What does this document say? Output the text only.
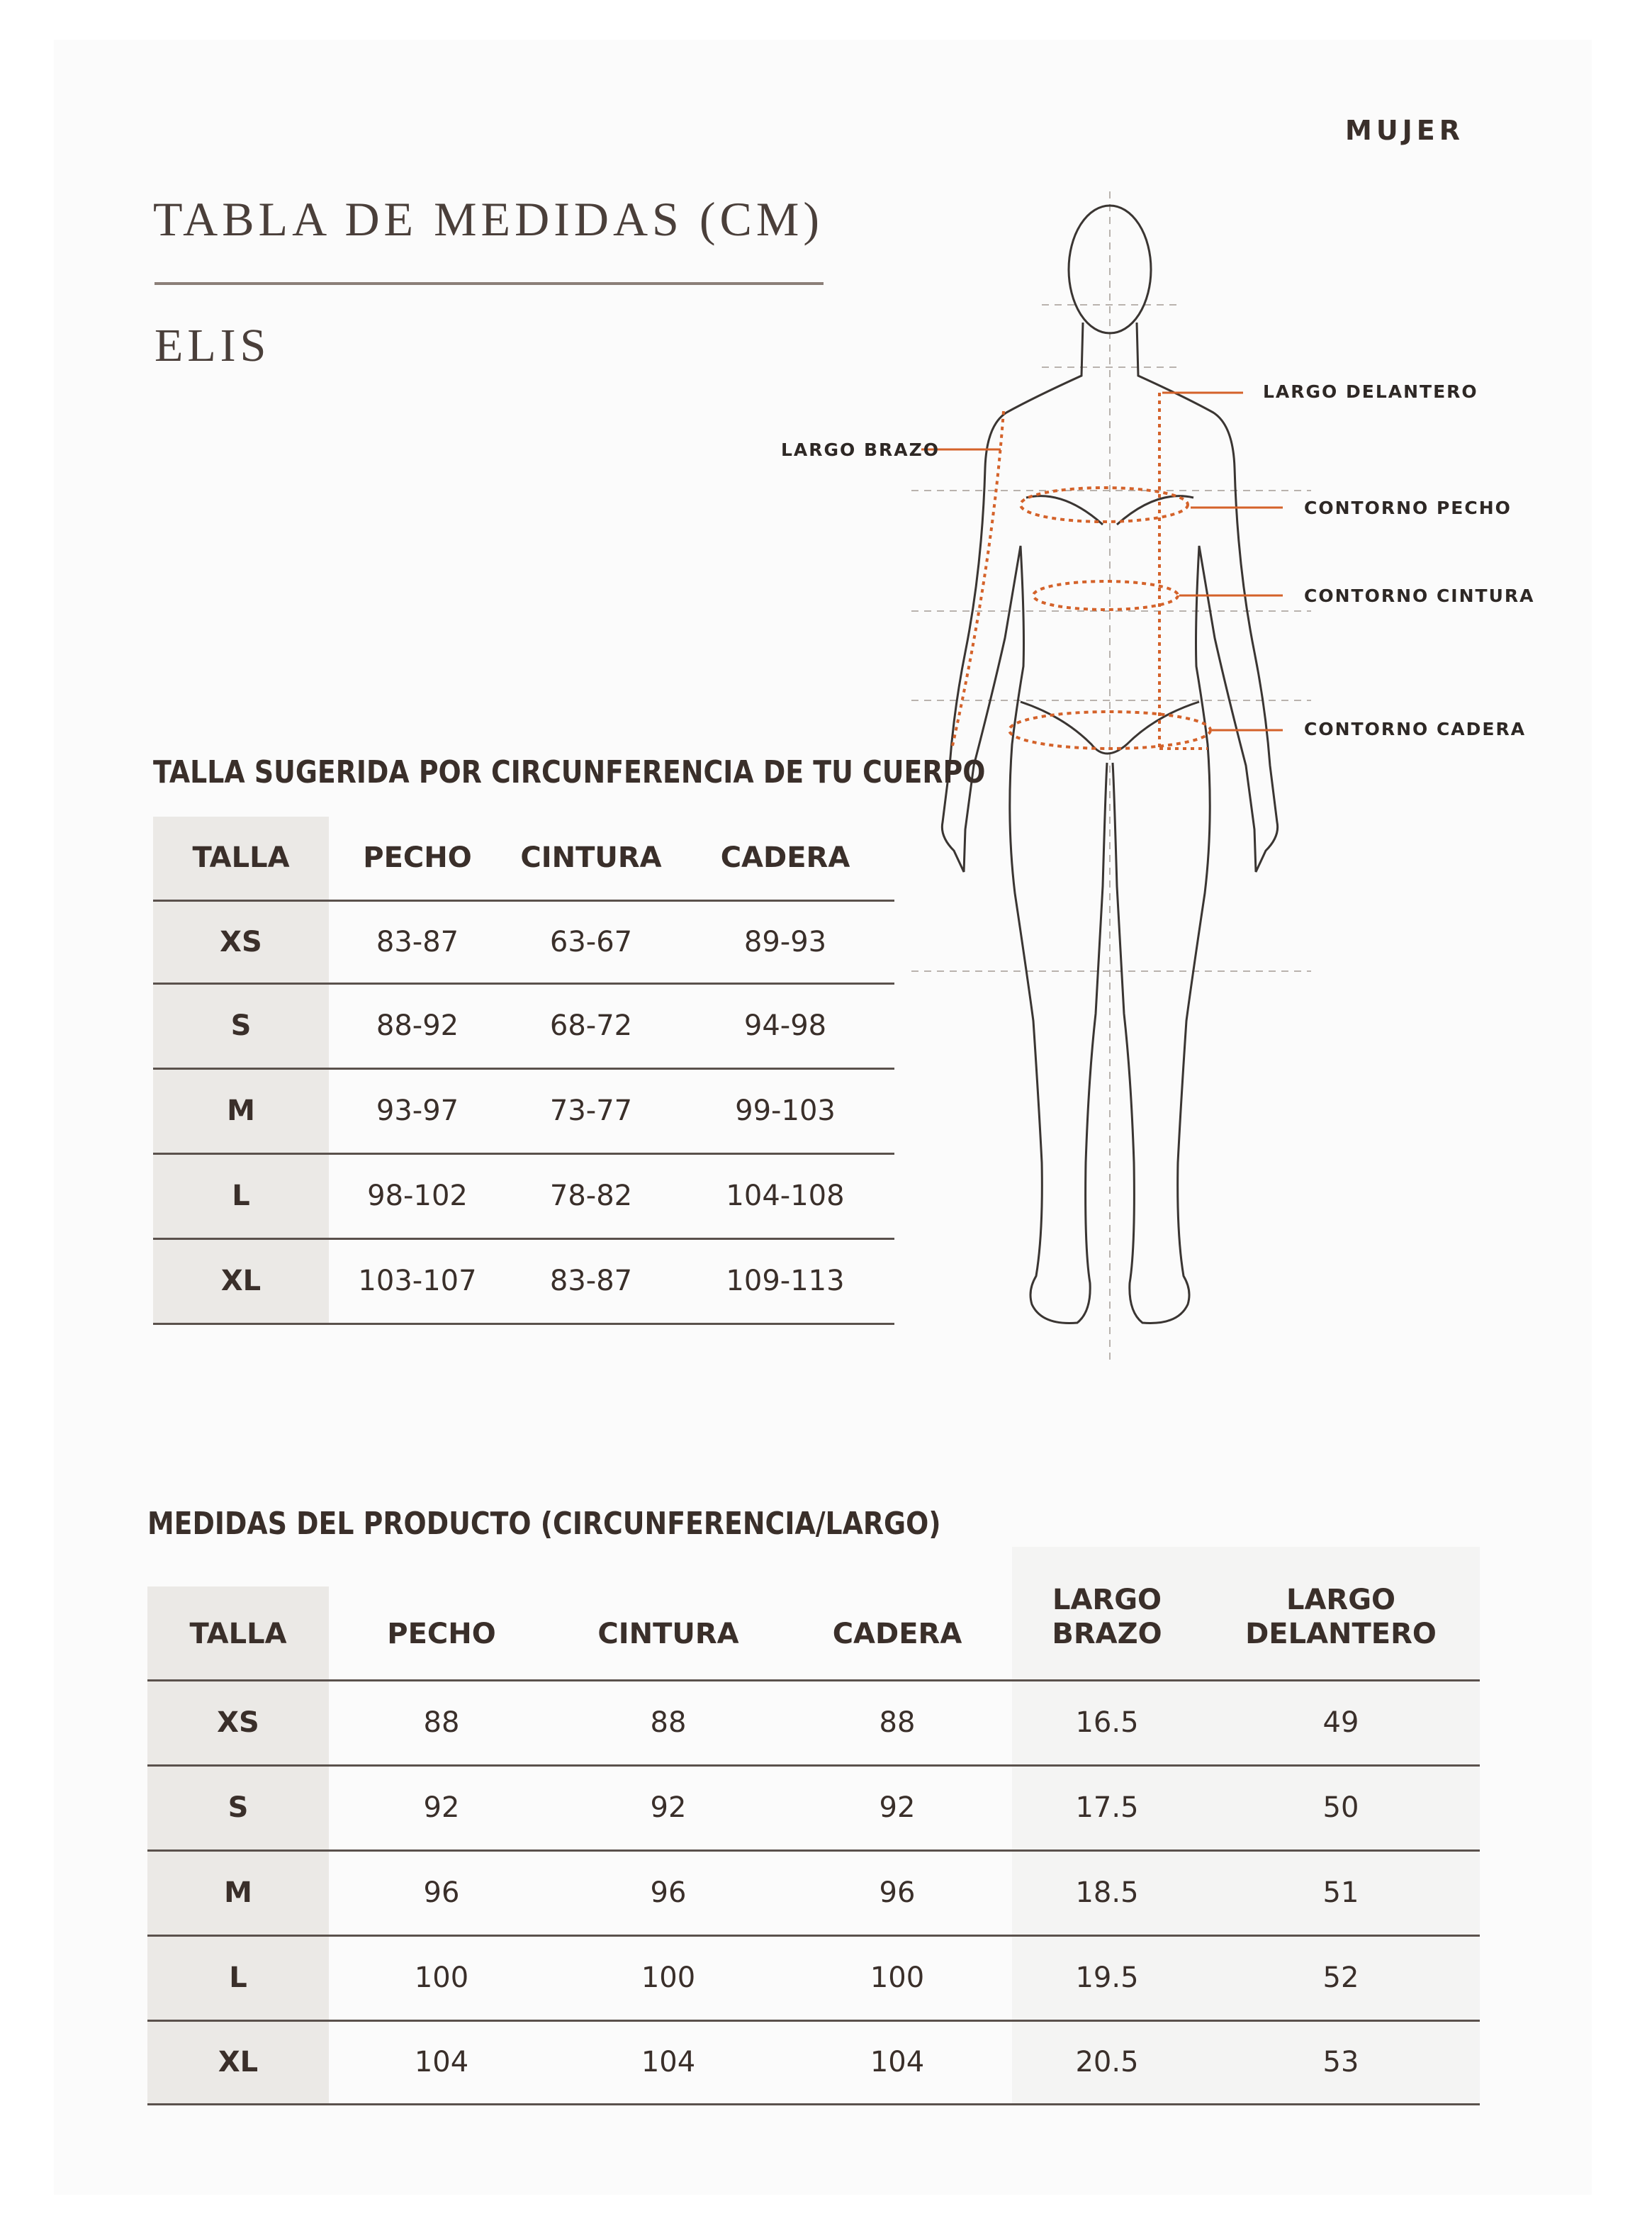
MUJER
TABLA DE MEDIDAS (CM)
ELIS
LARGO DELANTERO
LARGO BRAZO
CONTORNO PECHO
CONTORNO CINTURA
CONTORNO CADERA
TALLA SUGERIDA POR CIRCUNFERENCIA DE TU CUERPO
TALLA	PECHO	CINTURA	CADERA
XS	83-87	63-67	89-93
S	88-92	68-72	94-98
M	93-97	73-77	99-103
L	98-102	78-82	104-108
XL	103-107	83-87	109-113
MEDIDAS DEL PRODUCTO (CIRCUNFERENCIA/LARGO)
TALLA	PECHO	CINTURA	CADERA	LARGO BRAZO	LARGO DELANTERO
XS	88	88	88	16.5	49
S	92	92	92	17.5	50
M	96	96	96	18.5	51
L	100	100	100	19.5	52
XL	104	104	104	20.5	53
